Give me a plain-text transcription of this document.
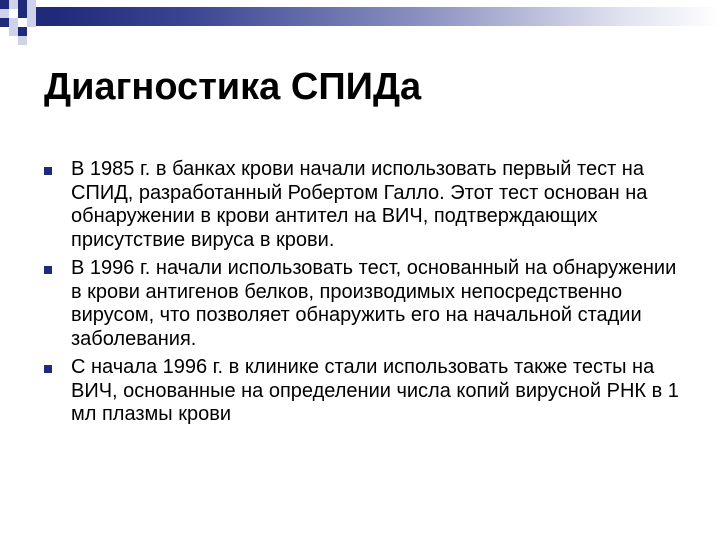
Диагностика СПИДа
В 1985 г. в банках крови начали использовать первый тест на СПИД, разработанный Робертом Галло. Этот тест основан на обнаружении в крови антител на ВИЧ, подтверждающих присутствие вируса в крови.
В 1996 г. начали использовать тест, основанный на обнаружении в крови антигенов белков, производимых непосредственно вирусом, что позволяет обнаружить его на начальной стадии заболевания.
С начала 1996 г. в клинике стали использовать также тесты на ВИЧ, основанные на определении числа копий вирусной РНК в 1 мл плазмы крови
